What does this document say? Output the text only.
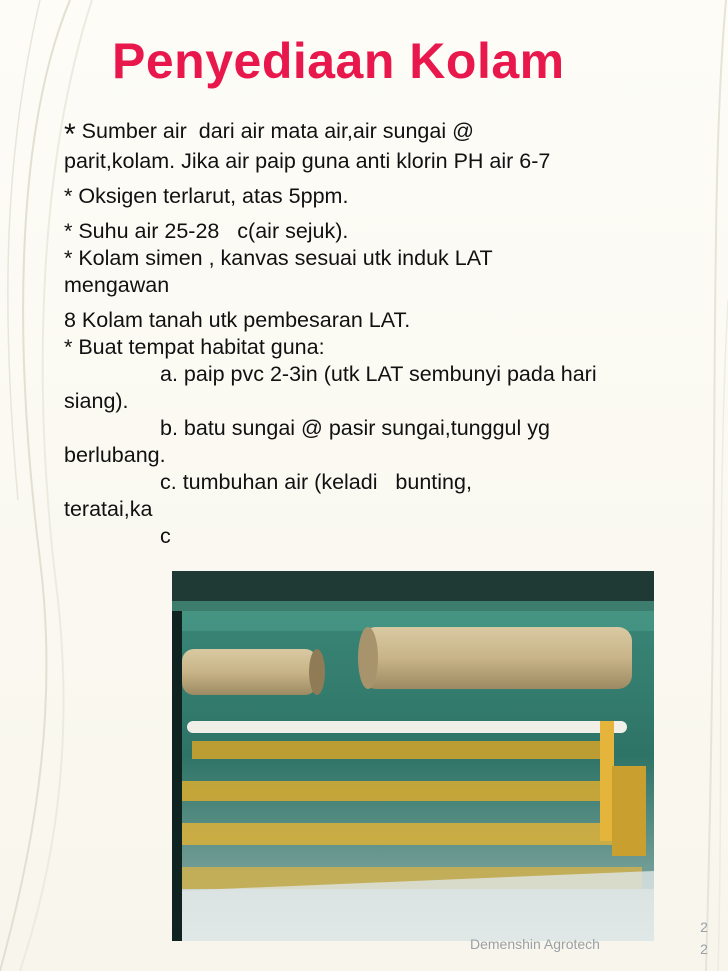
Penyediaan Kolam
* Sumber air  dari air mata air,air sungai @
parit,kolam. Jika air paip guna anti klorin PH air 6-7
* Oksigen terlarut, atas 5ppm.
* Suhu air 25-28   c(air sejuk).
* Kolam simen , kanvas sesuai utk induk LAT
mengawan
8 Kolam tanah utk pembesaran LAT.
* Buat tempat habitat guna:
a. paip pvc 2-3in (utk LAT sembunyi pada hari
siang).
b. batu sungai @ pasir sungai,tunggul yg
berlubang.
c. tumbuhan air (keladi   bunting,
teratai,ka
c
Demenshin Agrotech
2
2
